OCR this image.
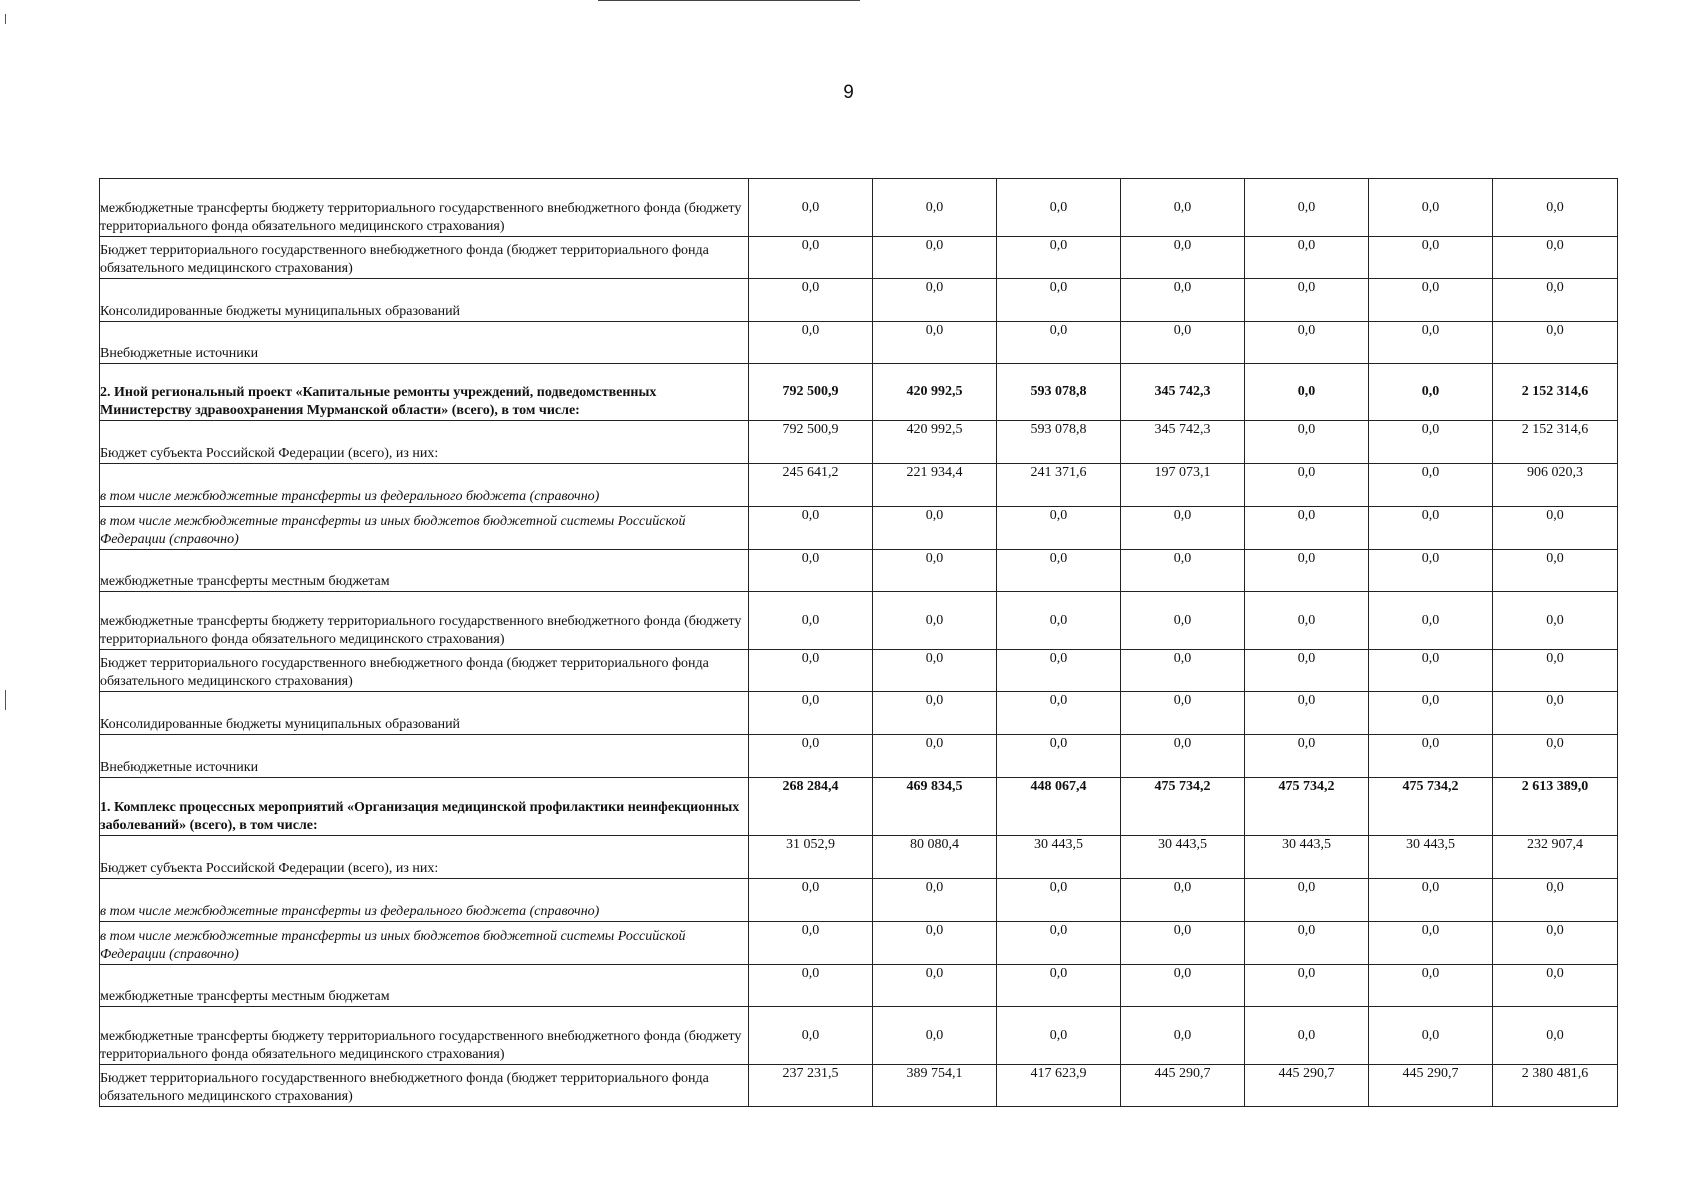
9
межбюджетные трансферты бюджету территориального государственного внебюджетного фонда (бюджету территориального фонда обязательного медицинского страхования)	0,0	0,0	0,0	0,0	0,0	0,0	0,0
Бюджет территориального государственного внебюджетного фонда (бюджет территориального фонда обязательного медицинского страхования)	0,0	0,0	0,0	0,0	0,0	0,0	0,0
Консолидированные бюджеты муниципальных образований	0,0	0,0	0,0	0,0	0,0	0,0	0,0
Внебюджетные источники	0,0	0,0	0,0	0,0	0,0	0,0	0,0
2. Иной региональный проект «Капитальные ремонты учреждений, подведомственных Министерству здравоохранения Мурманской области» (всего), в том числе:	792 500,9	420 992,5	593 078,8	345 742,3	0,0	0,0	2 152 314,6
Бюджет субъекта Российской Федерации (всего), из них:	792 500,9	420 992,5	593 078,8	345 742,3	0,0	0,0	2 152 314,6
в том числе межбюджетные трансферты из федерального бюджета (справочно)	245 641,2	221 934,4	241 371,6	197 073,1	0,0	0,0	906 020,3
в том числе межбюджетные трансферты из иных бюджетов бюджетной системы Российской Федерации (справочно)	0,0	0,0	0,0	0,0	0,0	0,0	0,0
межбюджетные трансферты местным бюджетам	0,0	0,0	0,0	0,0	0,0	0,0	0,0
межбюджетные трансферты бюджету территориального государственного внебюджетного фонда (бюджету территориального фонда обязательного медицинского страхования)	0,0	0,0	0,0	0,0	0,0	0,0	0,0
Бюджет территориального государственного внебюджетного фонда (бюджет территориального фонда обязательного медицинского страхования)	0,0	0,0	0,0	0,0	0,0	0,0	0,0
Консолидированные бюджеты муниципальных образований	0,0	0,0	0,0	0,0	0,0	0,0	0,0
Внебюджетные источники	0,0	0,0	0,0	0,0	0,0	0,0	0,0
1. Комплекс процессных мероприятий «Организация медицинской профилактики неинфекционных заболеваний» (всего), в том числе:	268 284,4	469 834,5	448 067,4	475 734,2	475 734,2	475 734,2	2 613 389,0
Бюджет субъекта Российской Федерации (всего), из них:	31 052,9	80 080,4	30 443,5	30 443,5	30 443,5	30 443,5	232 907,4
в том числе межбюджетные трансферты из федерального бюджета (справочно)	0,0	0,0	0,0	0,0	0,0	0,0	0,0
в том числе межбюджетные трансферты из иных бюджетов бюджетной системы Российской Федерации (справочно)	0,0	0,0	0,0	0,0	0,0	0,0	0,0
межбюджетные трансферты местным бюджетам	0,0	0,0	0,0	0,0	0,0	0,0	0,0
межбюджетные трансферты бюджету территориального государственного внебюджетного фонда (бюджету территориального фонда обязательного медицинского страхования)	0,0	0,0	0,0	0,0	0,0	0,0	0,0
Бюджет территориального государственного внебюджетного фонда (бюджет территориального фонда обязательного медицинского страхования)	237 231,5	389 754,1	417 623,9	445 290,7	445 290,7	445 290,7	2 380 481,6
